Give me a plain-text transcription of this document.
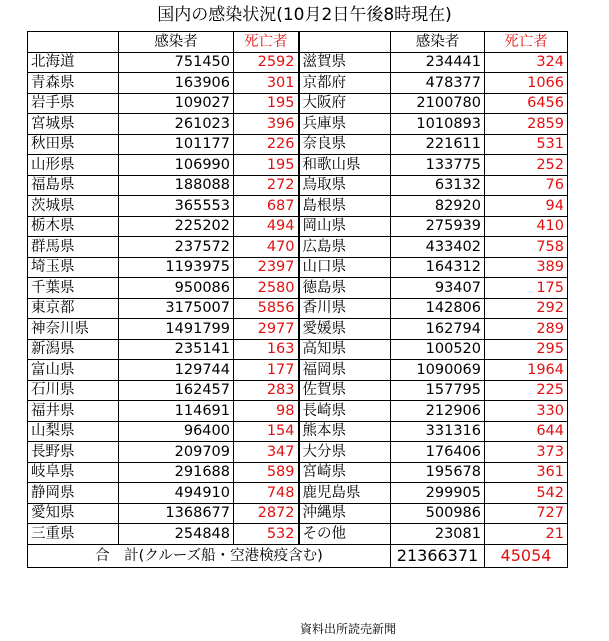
国内の感染状況(10月2日午後8時現在)
	感染者	死亡者		感染者	死亡者
北海道	751450	2592	滋賀県	234441	324
青森県	163906	301	京都府	478377	1066
岩手県	109027	195	大阪府	2100780	6456
宮城県	261023	396	兵庫県	1010893	2859
秋田県	101177	226	奈良県	221611	531
山形県	106990	195	和歌山県	133775	252
福島県	188088	272	鳥取県	63132	76
茨城県	365553	687	島根県	82920	94
栃木県	225202	494	岡山県	275939	410
群馬県	237572	470	広島県	433402	758
埼玉県	1193975	2397	山口県	164312	389
千葉県	950086	2580	徳島県	93407	175
東京都	3175007	5856	香川県	142806	292
神奈川県	1491799	2977	愛媛県	162794	289
新潟県	235141	163	高知県	100520	295
富山県	129744	177	福岡県	1090069	1964
石川県	162457	283	佐賀県	157795	225
福井県	114691	98	長崎県	212906	330
山梨県	96400	154	熊本県	331316	644
長野県	209709	347	大分県	176406	373
岐阜県	291688	589	宮崎県	195678	361
静岡県	494910	748	鹿児島県	299905	542
愛知県	1368677	2872	沖縄県	500986	727
三重県	254848	532	その他	23081	21
合　計(クルーズ船・空港検疫含む)				21366371	45054
資料出所読売新聞
